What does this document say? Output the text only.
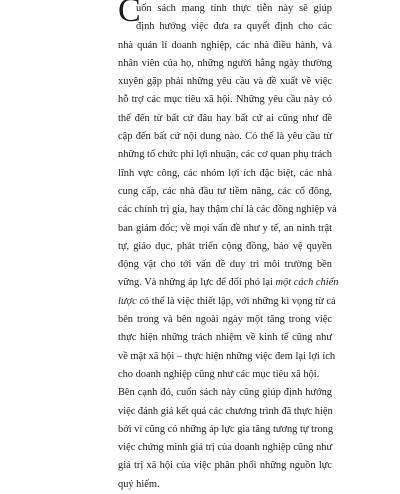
C
uốn sách mang tính thực tiễn này sẽ giúp
định hướng việc đưa ra quyết định cho các
nhà quản lí doanh nghiệp, các nhà điều hành, và
nhân viên của họ, những người hằng ngày thường
xuyên gặp phải những yêu cầu và đề xuất về việc
hỗ trợ các mục tiêu xã hội. Những yêu cầu này có
thể đến từ bất cứ đâu hay bất cứ ai cũng như đề
cập đến bất cứ nội dung nào. Có thể là yêu cầu từ
những tổ chức phi lợi nhuận, các cơ quan phụ trách
lĩnh vực công, các nhóm lợi ích đặc biệt, các nhà
cung cấp, các nhà đầu tư tiềm năng, các cổ đông,
các chính trị gia, hay thậm chí là các đồng nghiệp và
ban giám đốc; về mọi vấn đề như y tế, an ninh trật
tự, giáo dục, phát triển cộng đồng, bảo vệ quyền
động vật cho tới vấn đề duy trì môi trường bền
vững. Và những áp lực để đối phó lại một cách chiến
lược có thể là việc thiết lập, với những kì vọng từ cả
bên trong và bên ngoài ngày một tăng trong việc
thực hiện những trách nhiệm về kinh tế cũng như
về mặt xã hội – thực hiện những việc đem lại lợi ích
cho doanh nghiệp cũng như các mục tiêu xã hội.
Bên cạnh đó, cuốn sách này cũng giúp định hướng
việc đánh giá kết quả các chương trình đã thực hiện
bởi vì cũng có những áp lực gia tăng tương tự trong
việc chứng minh giá trị của doanh nghiệp cũng như
giá trị xã hội của việc phân phối những nguồn lực
quý hiếm.
